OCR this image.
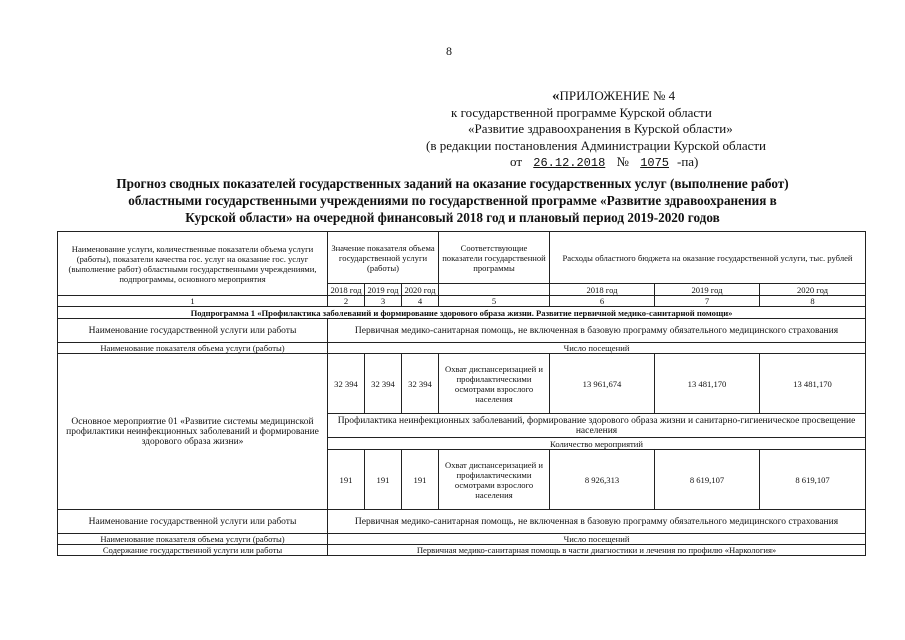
8
«ПРИЛОЖЕНИЕ № 4
к государственной программе Курской области
«Развитие здравоохранения в Курской области»
(в редакции постановления Администрации Курской области
от 26.12.2018 № 1075 -па)
Прогноз сводных показателей государственных заданий на оказание государственных услуг (выполнение работ)
областными государственными учреждениями по государственной программе «Развитие здравоохранения в
Курской области» на очередной финансовый 2018 год и плановый период 2019-2020 годов
Наименование услуги, количественные показатели объема услуги (работы), показатели качества гос. услуг на оказание гос. услуг (выполнение работ) областными государственными учреждениями, подпрограммы, основного мероприятия	Значение показателя объема государственной услуги (работы)			Соответствующие показатели государственной программы	Расходы областного бюджета на оказание государственной услуги, тыс. рублей		
	2018 год	2019 год	2020 год		2018 год	2019 год	2020 год
1	2	3	4	5	6	7	8
Подпрограмма 1 «Профилактика заболеваний и формирование здорового образа жизни. Развитие первичной медико-санитарной помощи»							
Наименование государственной услуги или работы	Первичная медико-санитарная помощь, не включенная в базовую программу обязательного медицинского страхования						
Наименование показателя объема услуги (работы)	Число посещений						
Основное мероприятие 01 «Развитие системы медицинской профилактики неинфекционных заболеваний и формирование здорового образа жизни»	32 394	32 394	32 394	Охват диспансеризацией и профилактическими осмотрами взрослого населения	13 961,674	13 481,170	13 481,170
	Профилактика неинфекционных заболеваний, формирование здорового образа жизни и санитарно-гигиеническое просвещение населения						
	Количество мероприятий						
	191	191	191	Охват диспансеризацией и профилактическими осмотрами взрослого населения	8 926,313	8 619,107	8 619,107
Наименование государственной услуги или работы	Первичная медико-санитарная помощь, не включенная в базовую программу обязательного медицинского страхования						
Наименование показателя объема услуги (работы)	Число посещений						
Содержание государственной услуги или работы	Первичная медико-санитарная помощь в части диагностики и лечения по профилю «Наркология»						
